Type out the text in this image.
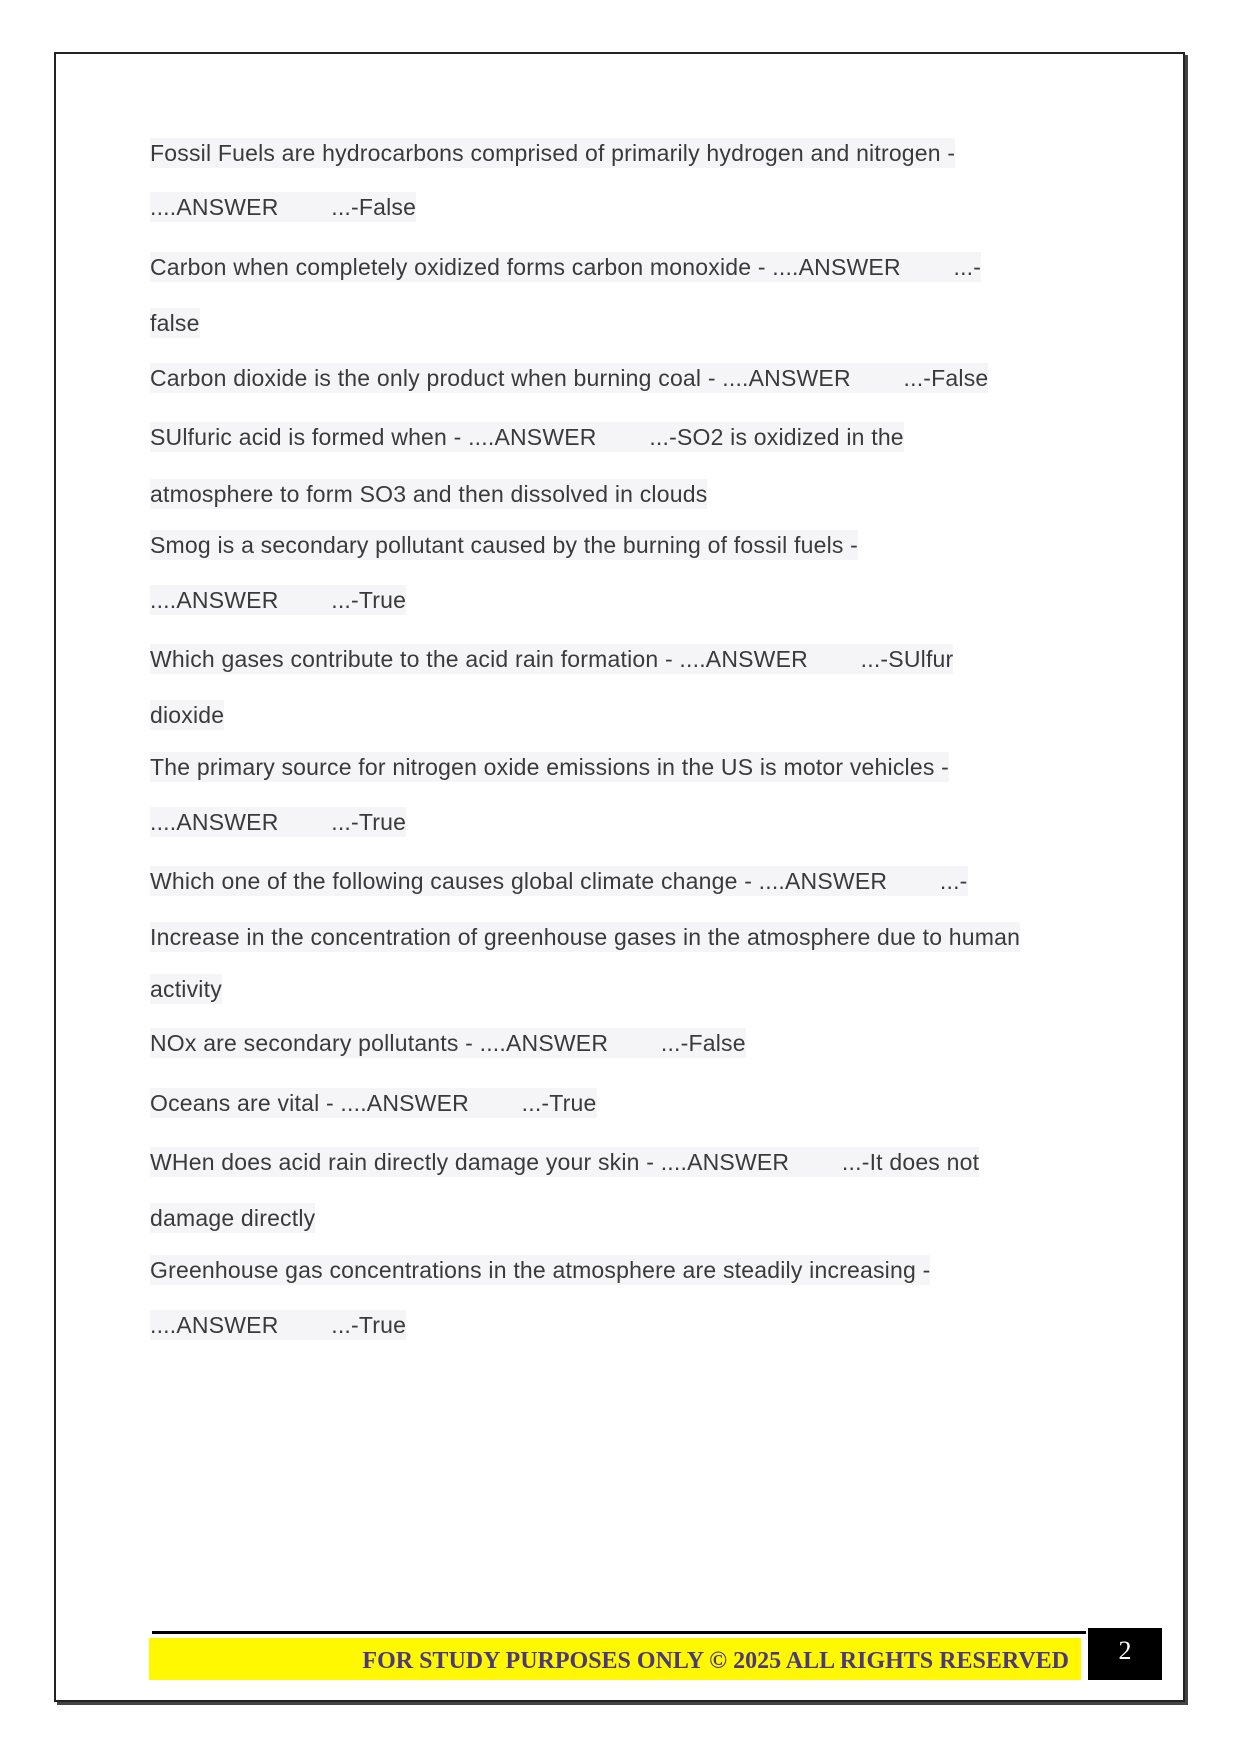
Fossil Fuels are hydrocarbons comprised of primarily hydrogen and nitrogen -
....ANSWER        ...-False
Carbon when completely oxidized forms carbon monoxide - ....ANSWER        ...-
false
Carbon dioxide is the only product when burning coal - ....ANSWER        ...-False
SUlfuric acid is formed when - ....ANSWER        ...-SO2 is oxidized in the
atmosphere to form SO3 and then dissolved in clouds
Smog is a secondary pollutant caused by the burning of fossil fuels -
....ANSWER        ...-True
Which gases contribute to the acid rain formation - ....ANSWER        ...-SUlfur
dioxide
The primary source for nitrogen oxide emissions in the US is motor vehicles -
....ANSWER        ...-True
Which one of the following causes global climate change - ....ANSWER        ...-
Increase in the concentration of greenhouse gases in the atmosphere due to human
activity
NOx are secondary pollutants - ....ANSWER        ...-False
Oceans are vital - ....ANSWER        ...-True
WHen does acid rain directly damage your skin - ....ANSWER        ...-It does not
damage directly
Greenhouse gas concentrations in the atmosphere are steadily increasing -
....ANSWER        ...-True
FOR STUDY PURPOSES ONLY © 2025 ALL RIGHTS RESERVED	2
